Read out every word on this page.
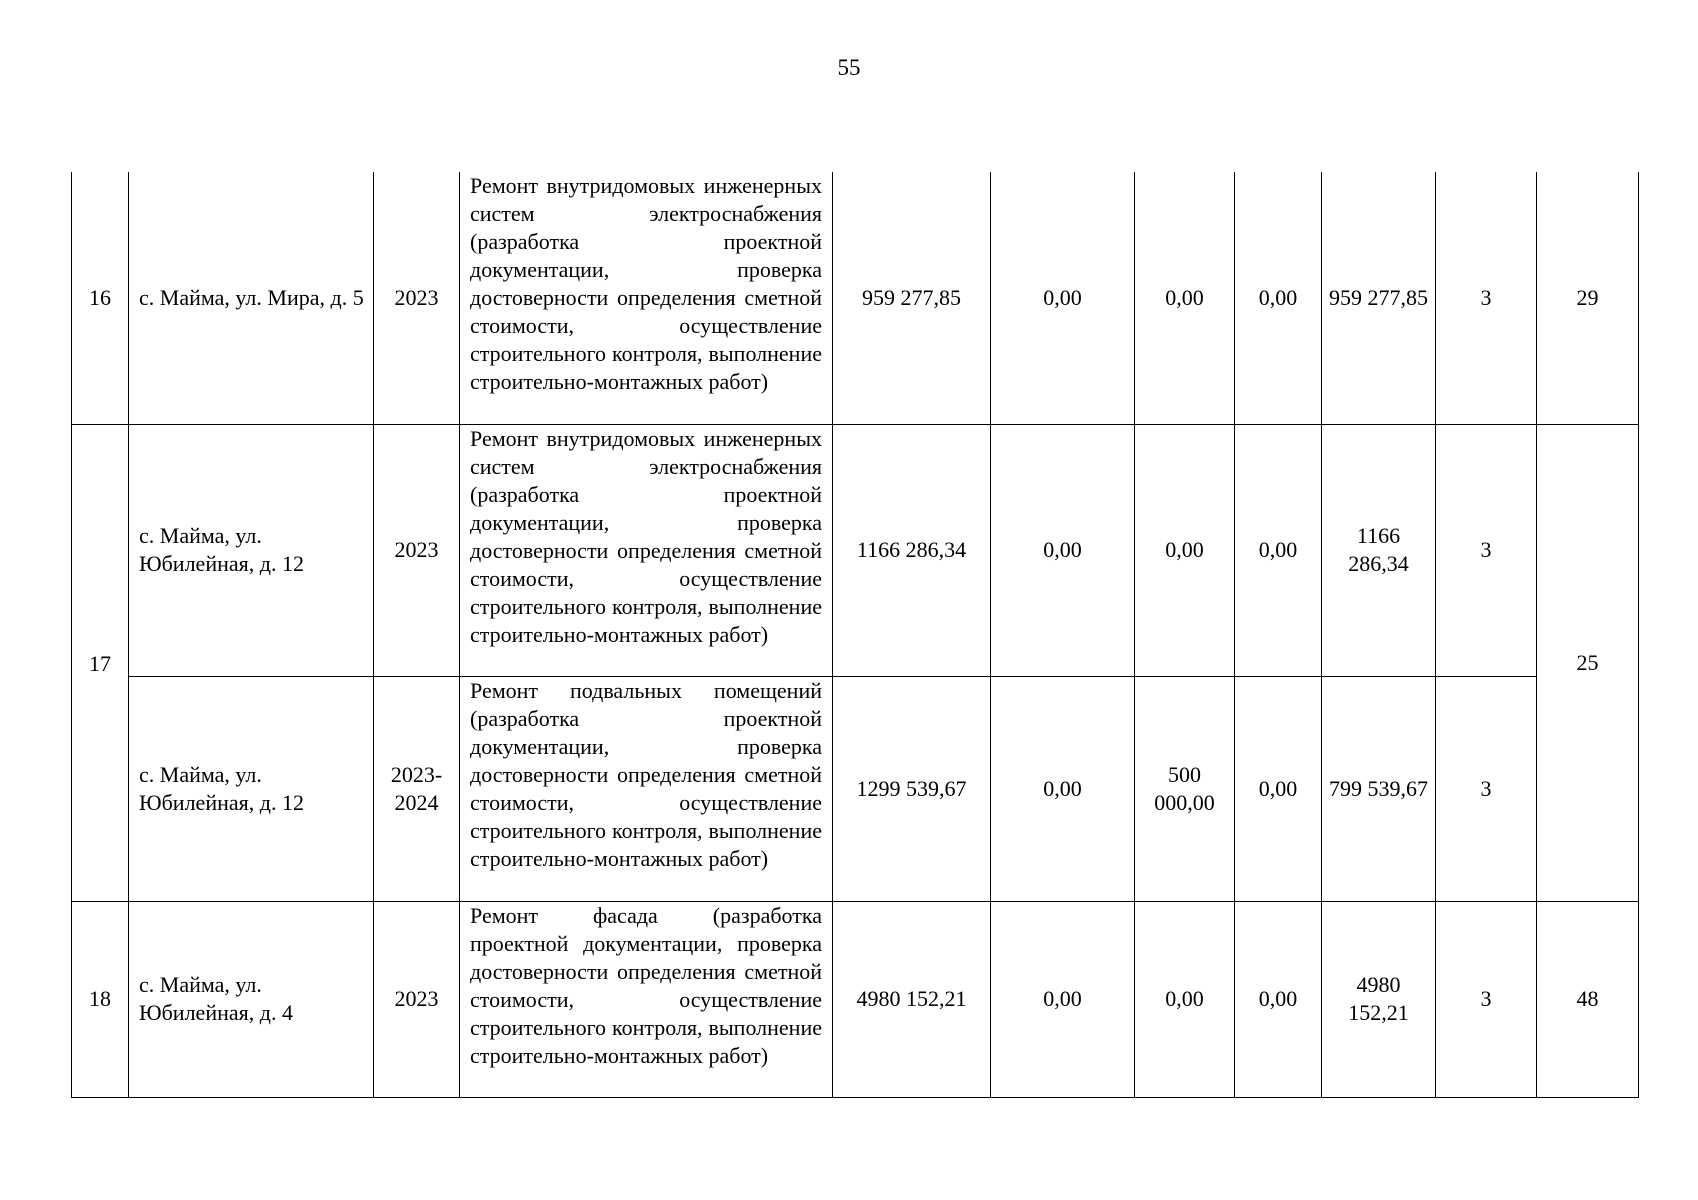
55
16	с. Майма, ул. Мира, д. 5	2023	Ремонт внутридомовых инженерных систем электроснабжения (разработка проектной документации, проверка достоверности определения сметной стоимости, осуществление строительного контроля, выполнение
строительно-монтажных работ)	959 277,85	0,00	0,00	0,00	959 277,85	3	29

17	с. Майма, ул. Юбилейная, д. 12	2023	Ремонт внутридомовых инженерных систем электроснабжения (разработка проектной документации, проверка достоверности определения сметной стоимости, осуществление строительного контроля, выполнение
строительно-монтажных работ)	1166 286,34	0,00	0,00	0,00	1166 286,34	3	25
	с. Майма, ул. Юбилейная, д. 12	2023-2024	Ремонт подвальных помещений (разработка проектной документации, проверка достоверности определения сметной стоимости, осуществление строительного контроля, выполнение
строительно-монтажных работ)	1299 539,67	0,00	500 000,00	0,00	799 539,67	3	
18	с. Майма, ул. Юбилейная, д. 4	2023	Ремонт фасада (разработка проектной документации, проверка достоверности определения сметной стоимости, осуществление строительного контроля, выполнение
строительно-монтажных работ)	4980 152,21	0,00	0,00	0,00	4980 152,21	3	48
